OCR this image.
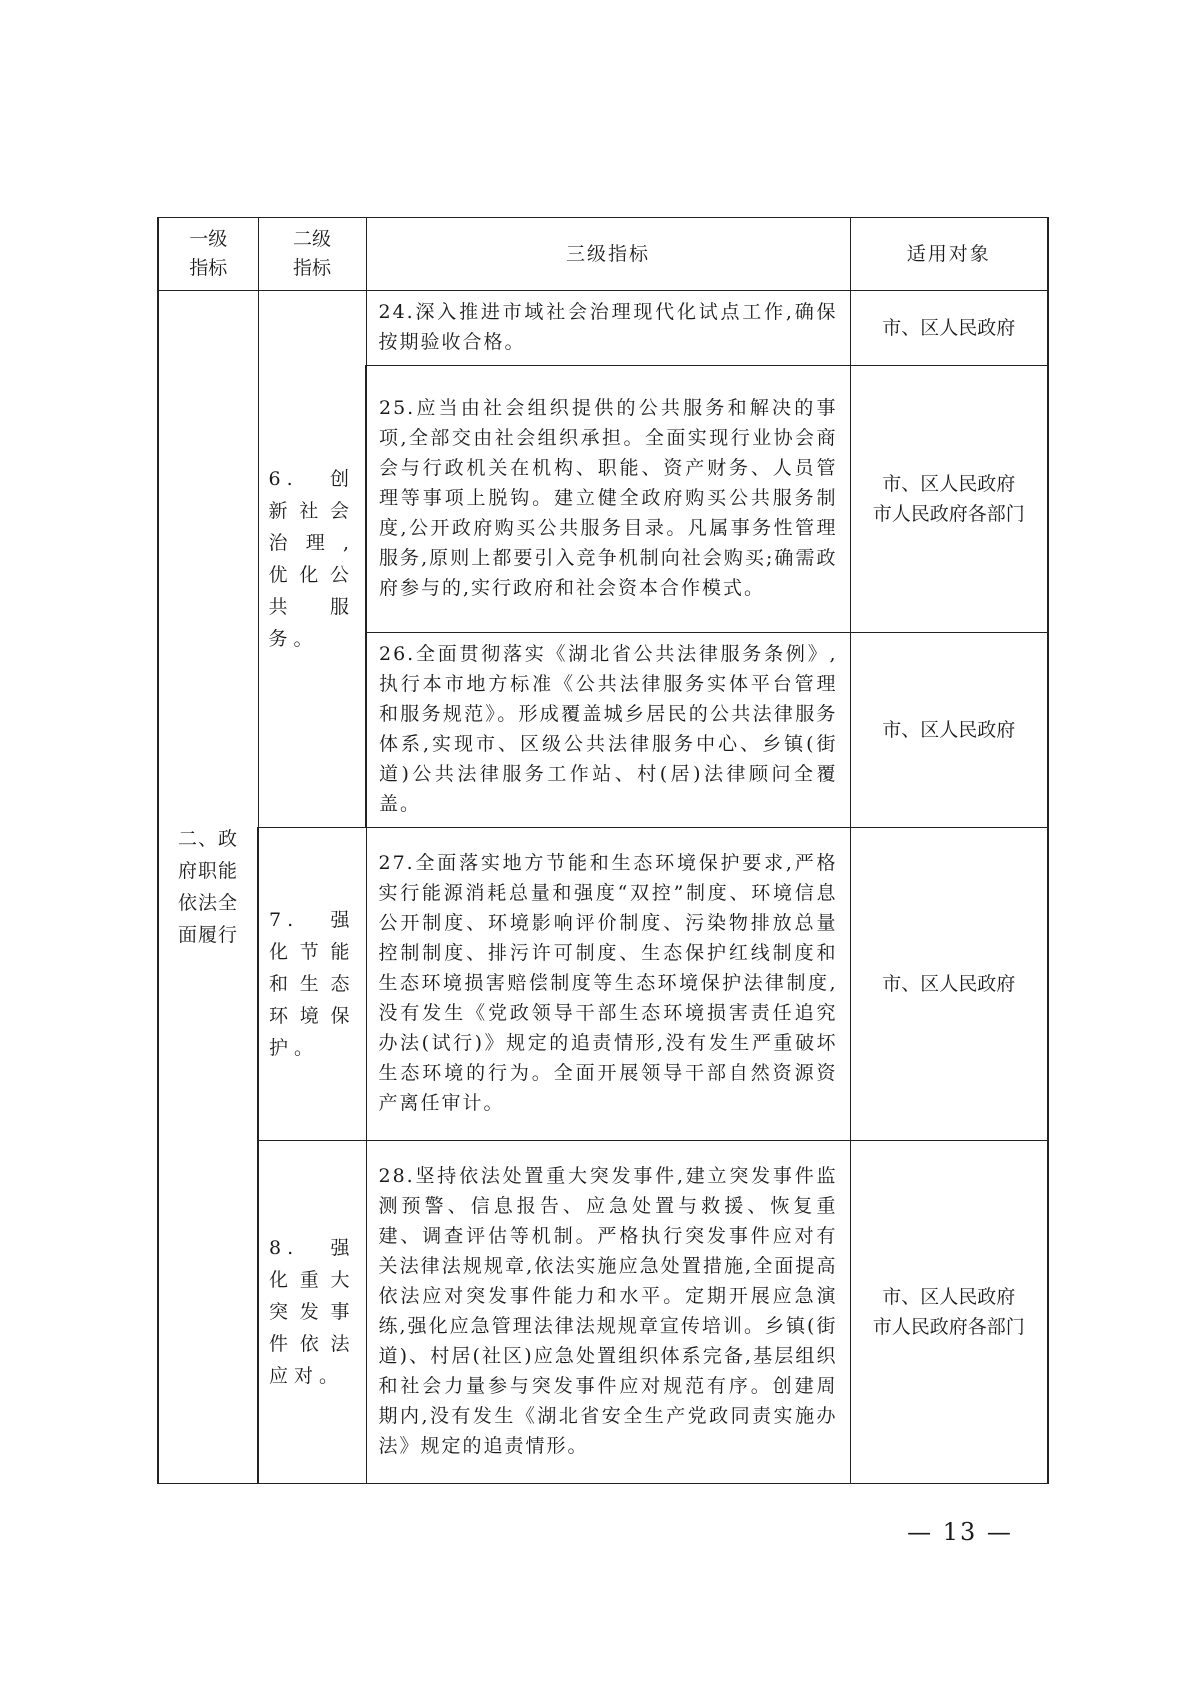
一级指标	二级指标	三级指标	适用对象
二、政府职能依法全面履行	6. 创新社会治理,优化公共服务。	24.深入推进市域社会治理现代化试点工作,确保按期验收合格。	市、区人民政府

		25.应当由社会组织提供的公共服务和解决的事项,全部交由社会组织承担。全面实现行业协会商会与行政机关在机构、职能、资产财务、人员管理等事项上脱钩。建立健全政府购买公共服务制度,公开政府购买公共服务目录。凡属事务性管理服务,原则上都要引入竞争机制向社会购买;确需政府参与的,实行政府和社会资本合作模式。	市、区人民政府
市人民政府各部门

		26.全面贯彻落实《湖北省公共法律服务条例》,执行本市地方标准《公共法律服务实体平台管理和服务规范》。形成覆盖城乡居民的公共法律服务体系,实现市、区级公共法律服务中心、乡镇(街道)公共法律服务工作站、村(居)法律顾问全覆盖。	市、区人民政府

	7. 强化节能和生态环境保护。	27.全面落实地方节能和生态环境保护要求,严格实行能源消耗总量和强度“双控”制度、环境信息公开制度、环境影响评价制度、污染物排放总量控制制度、排污许可制度、生态保护红线制度和生态环境损害赔偿制度等生态环境保护法律制度,没有发生《党政领导干部生态环境损害责任追究办法(试行)》规定的追责情形,没有发生严重破坏生态环境的行为。全面开展领导干部自然资源资产离任审计。	市、区人民政府

	8. 强化重大突发事件依法应对。	28.坚持依法处置重大突发事件,建立突发事件监测预警、信息报告、应急处置与救援、恢复重建、调查评估等机制。严格执行突发事件应对有关法律法规规章,依法实施应急处置措施,全面提高依法应对突发事件能力和水平。定期开展应急演练,强化应急管理法律法规规章宣传培训。乡镇(街道)、村居(社区)应急处置组织体系完备,基层组织和社会力量参与突发事件应对规范有序。创建周期内,没有发生《湖北省安全生产党政同责实施办法》规定的追责情形。	市、区人民政府
市人民政府各部门
— 13 —
